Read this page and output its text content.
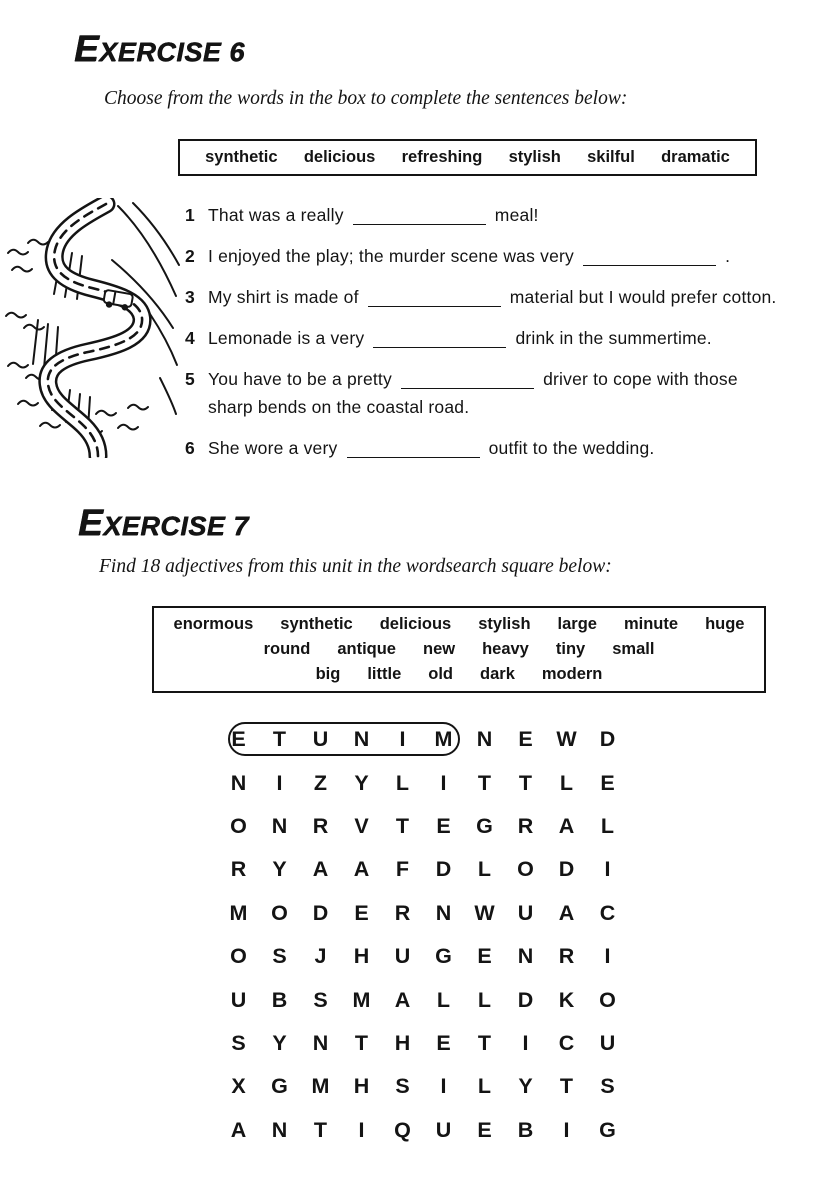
EXERCISE 6

Choose from the words in the box to complete the sentences below:

synthetic delicious refreshing stylish skilful dramatic
1 That was a really	meal!
2 I enjoyed the play; the murder scene was very	.
3 My shirt is made of	material but I would prefer cotton.
4 Lemonade is a very	drink in the summertime.
5 You have to be a pretty	driver to cope with those
sharp bends on the coastal road.
6 She wore a very	outfit to the wedding.
EXERCISE 7

Find 18 adjectives from this unit in the wordsearch square below:

enormous synthetic delicious stylish large minute huge
round antique new heavy tiny small
big little old dark modern
E	T	U	N	I	M	N	E	W	D
N	I	Z	Y	L	I	T	T	L	E
O	N	R	V	T	E	G	R	A	L
R	Y	A	A	F	D	L	O	D	I
M	O	D	E	R	N	W	U	A	C
O	S	J	H	U	G	E	N	R	I
U	B	S	M	A	L	L	D	K	O
S	Y	N	T	H	E	T	I	C	U
X	G	M	H	S	I	L	Y	T	S
A	N	T	I	Q	U	E	B	I	G
